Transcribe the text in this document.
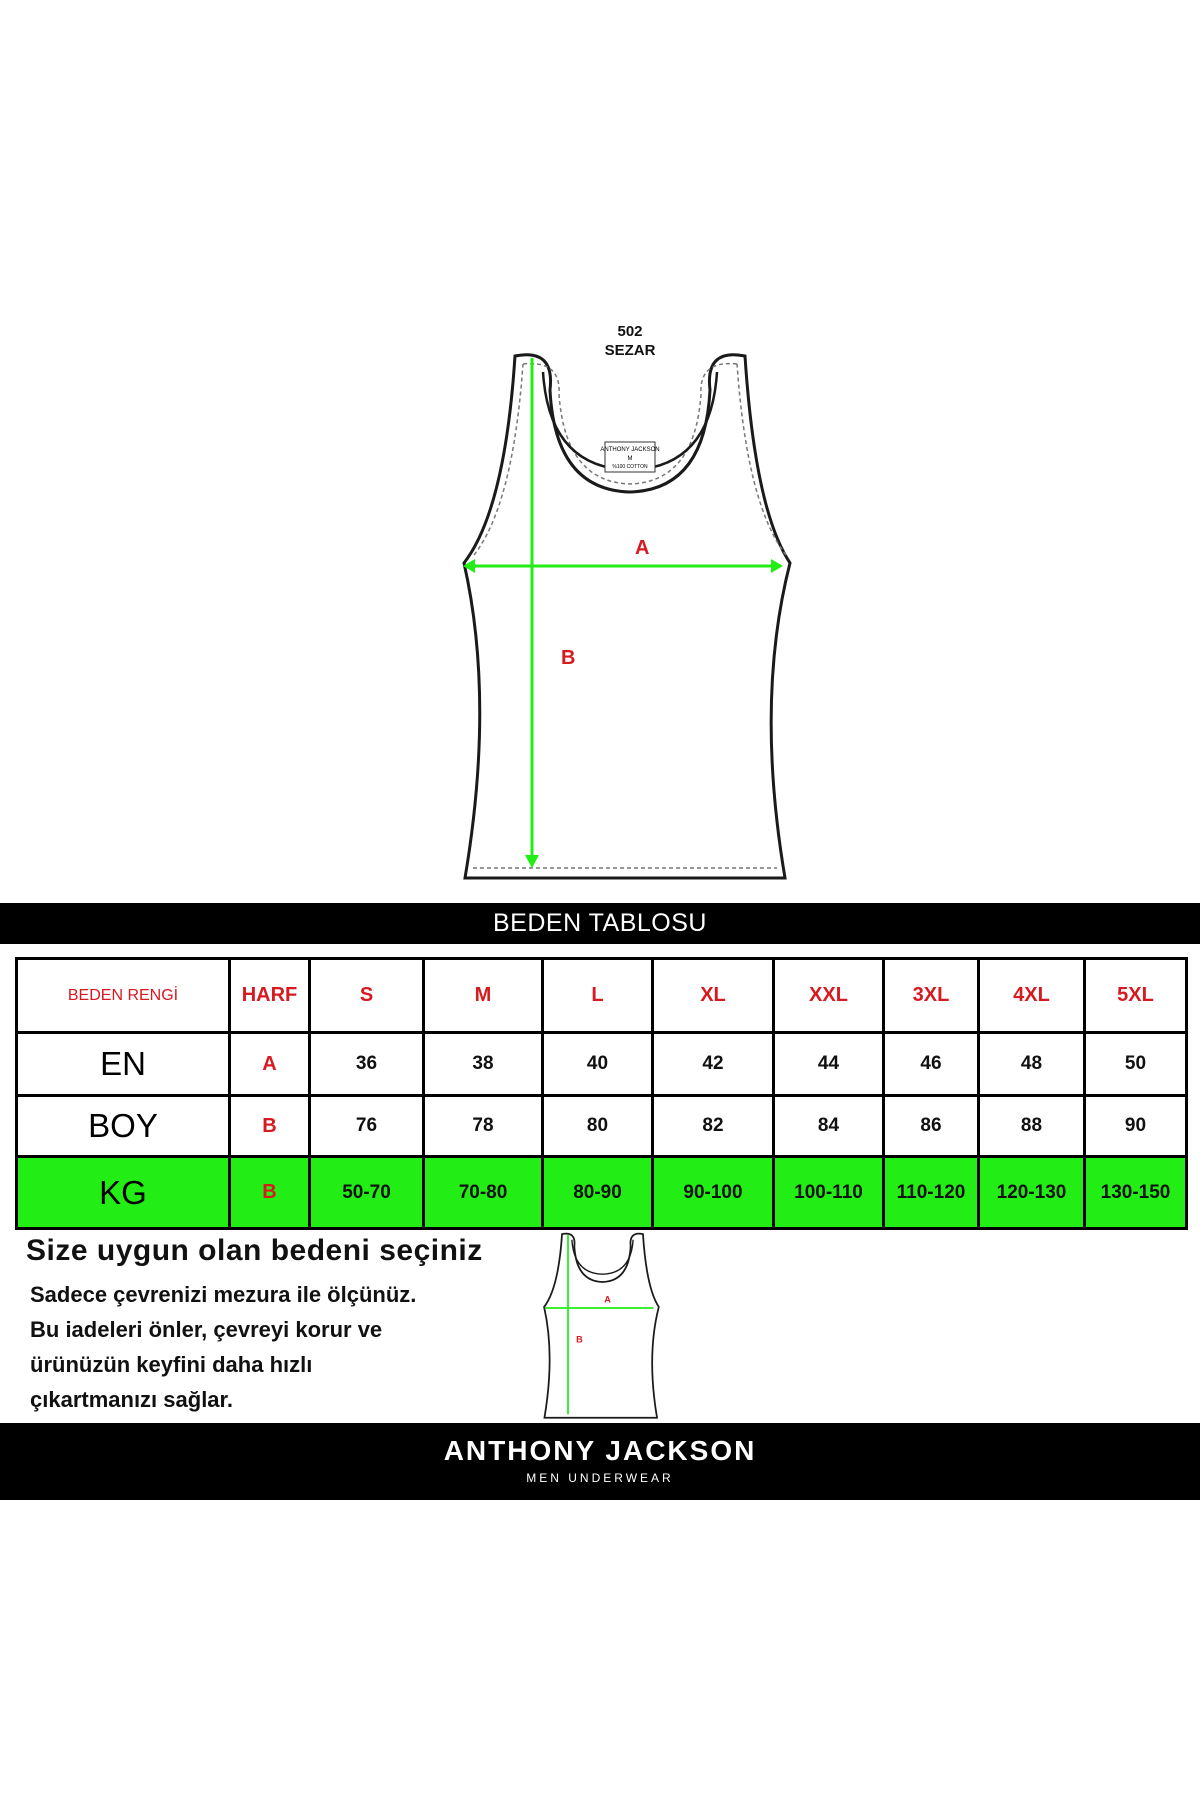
502
SEZAR
ANTHONY JACKSON
M
%100 COTTON
A
B
BEDEN TABLOSU
BEDEN RENGİ	HARF	S	M	L	XL	XXL	3XL	4XL	5XL
EN	A	36	38	40	42	44	46	48	50
BOY	B	76	78	80	82	84	86	88	90
KG	B	50-70	70-80	80-90	90-100	100-110	110-120	120-130	130-150
Size uygun olan bedeni seçiniz
Sadece çevrenizi mezura ile ölçünüz.
Bu iadeleri önler, çevreyi korur ve
ürünüzün keyfini daha hızlı
çıkartmanızı sağlar.
A
B
ANTHONY JACKSON
MEN UNDERWEAR
